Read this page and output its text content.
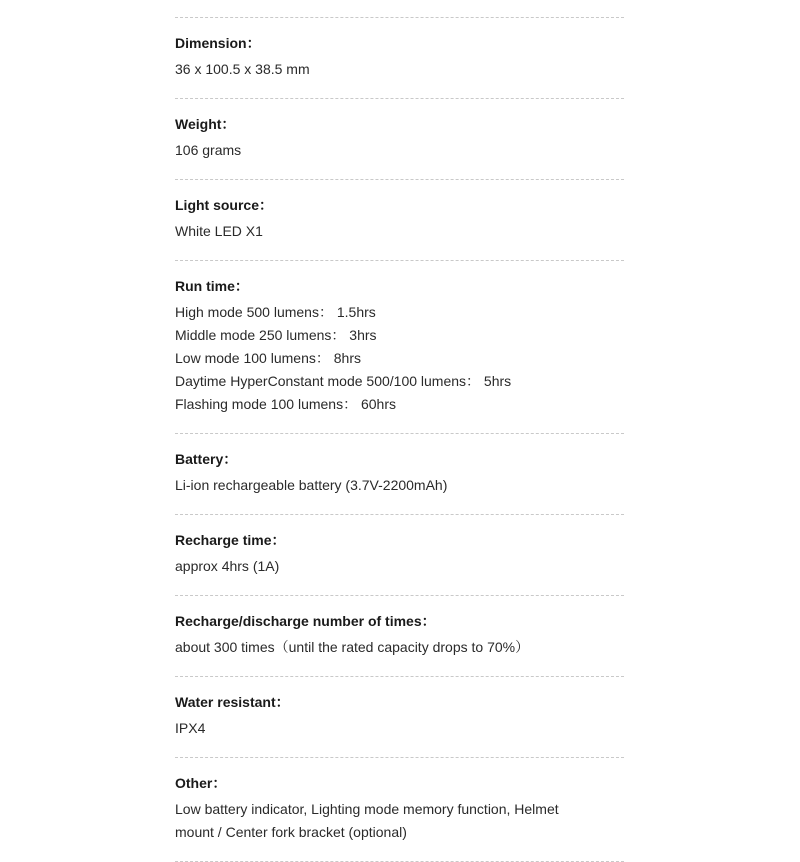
Dimension：
36 x 100.5 x 38.5 mm
Weight：
106 grams
Light source：
White LED X1
Run time：
High mode 500 lumens： 1.5hrs
Middle mode 250 lumens： 3hrs
Low mode 100 lumens： 8hrs
Daytime HyperConstant mode 500/100 lumens： 5hrs
Flashing mode 100 lumens： 60hrs
Battery：
Li-ion rechargeable battery (3.7V-2200mAh)
Recharge time：
approx 4hrs (1A)
Recharge/discharge number of times：
about 300 times（until the rated capacity drops to 70%）
Water resistant：
IPX4
Other：
Low battery indicator, Lighting mode memory function, Helmet
mount / Center fork bracket (optional)
